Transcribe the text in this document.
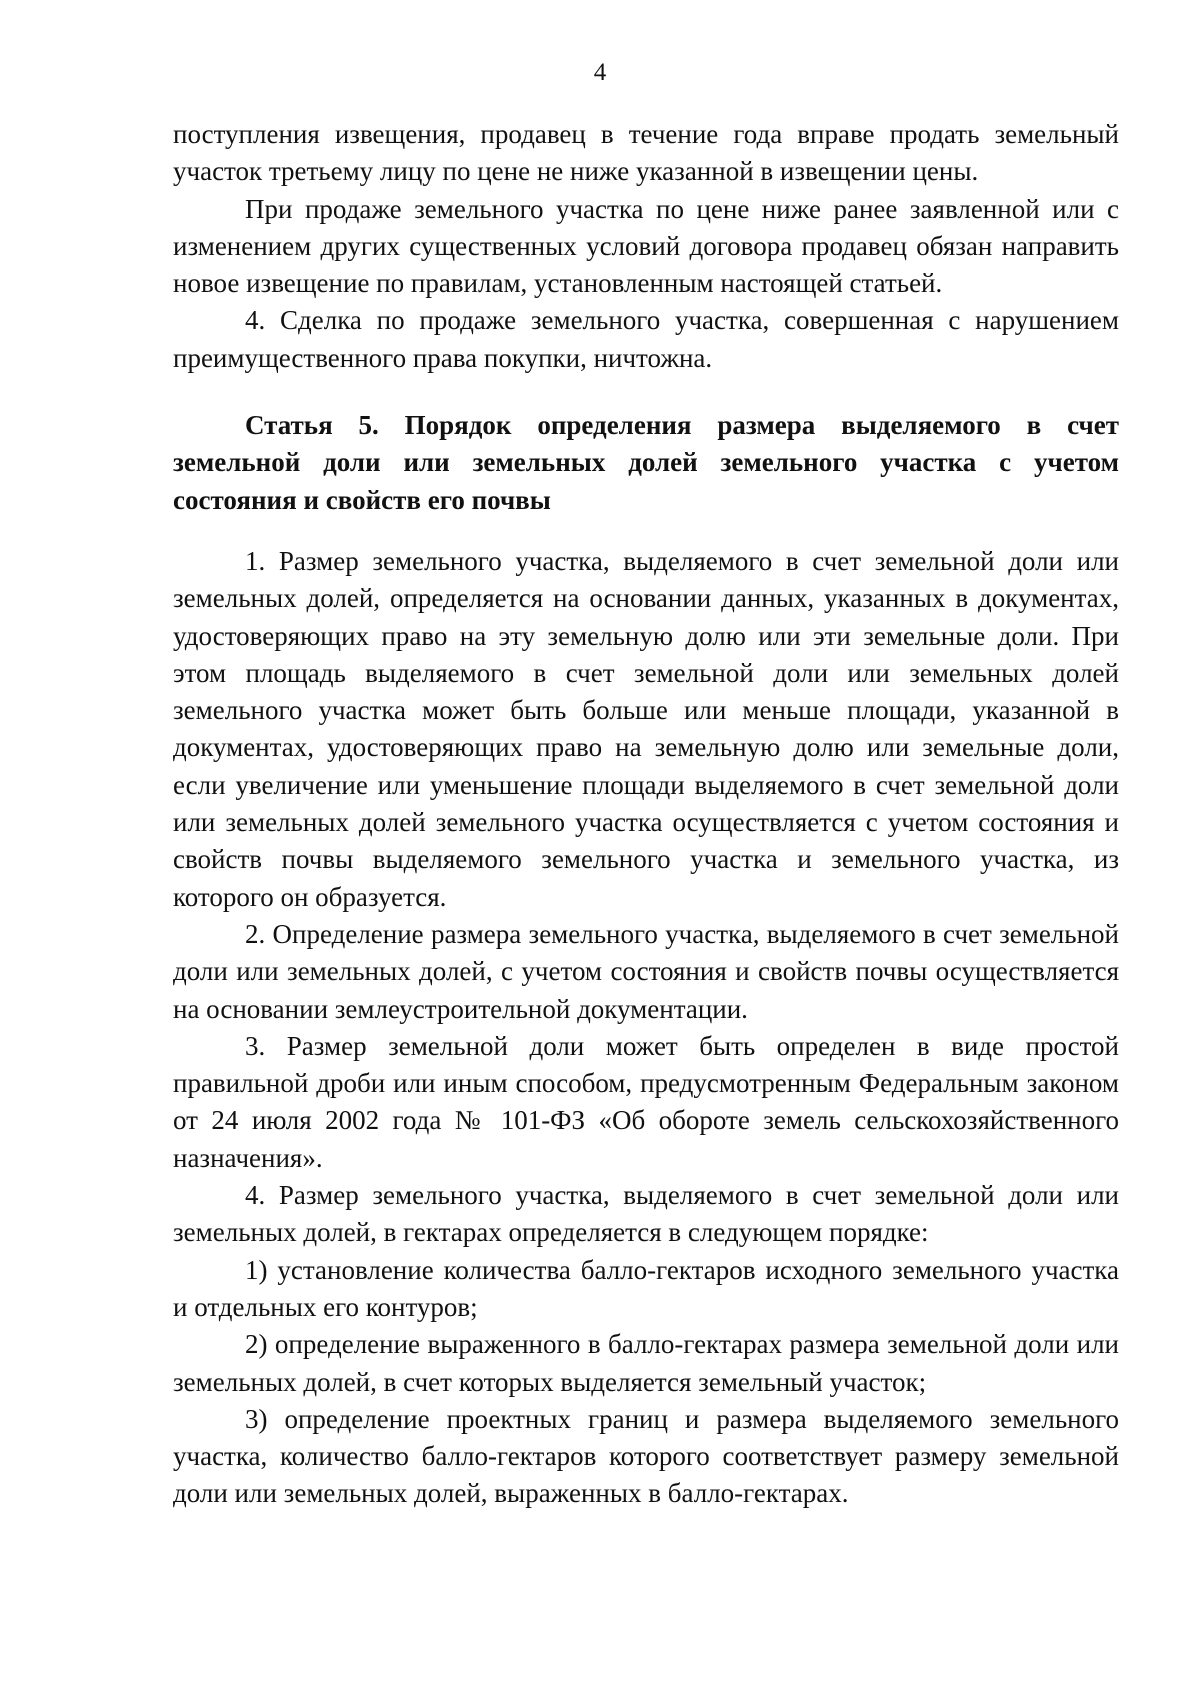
4

поступления извещения, продавец в течение года вправе продать земельный участок третьему лицу по цене не ниже указанной в извещении цены.

При продаже земельного участка по цене ниже ранее заявленной или с изменением других существенных условий договора продавец обязан направить новое извещение по правилам, установленным настоящей статьей.

4. Сделка по продаже земельного участка, совершенная с нарушением преимущественного права покупки, ничтожна.

Статья 5. Порядок определения размера выделяемого в счет земельной доли или земельных долей земельного участка с учетом состояния и свойств его почвы

1. Размер земельного участка, выделяемого в счет земельной доли или земельных долей, определяется на основании данных, указанных в документах, удостоверяющих право на эту земельную долю или эти земельные доли. При этом площадь выделяемого в счет земельной доли или земельных долей земельного участка может быть больше или меньше площади, указанной в документах, удостоверяющих право на земельную долю или земельные доли, если увеличение или уменьшение площади выделяемого в счет земельной доли или земельных долей земельного участка осуществляется с учетом состояния и свойств почвы выделяемого земельного участка и земельного участка, из которого он образуется.

2. Определение размера земельного участка, выделяемого в счет земельной доли или земельных долей, с учетом состояния и свойств почвы осуществляется на основании землеустроительной документации.

3. Размер земельной доли может быть определен в виде простой правильной дроби или иным способом, предусмотренным Федеральным законом от 24 июля 2002 года № 101-ФЗ «Об обороте земель сельскохозяйственного назначения».

4. Размер земельного участка, выделяемого в счет земельной доли или земельных долей, в гектарах определяется в следующем порядке:

1) установление количества балло-гектаров исходного земельного участка и отдельных его контуров;

2) определение выраженного в балло-гектарах размера земельной доли или земельных долей, в счет которых выделяется земельный участок;

3) определение проектных границ и размера выделяемого земельного участка, количество балло-гектаров которого соответствует размеру земельной доли или земельных долей, выраженных в балло-гектарах.
